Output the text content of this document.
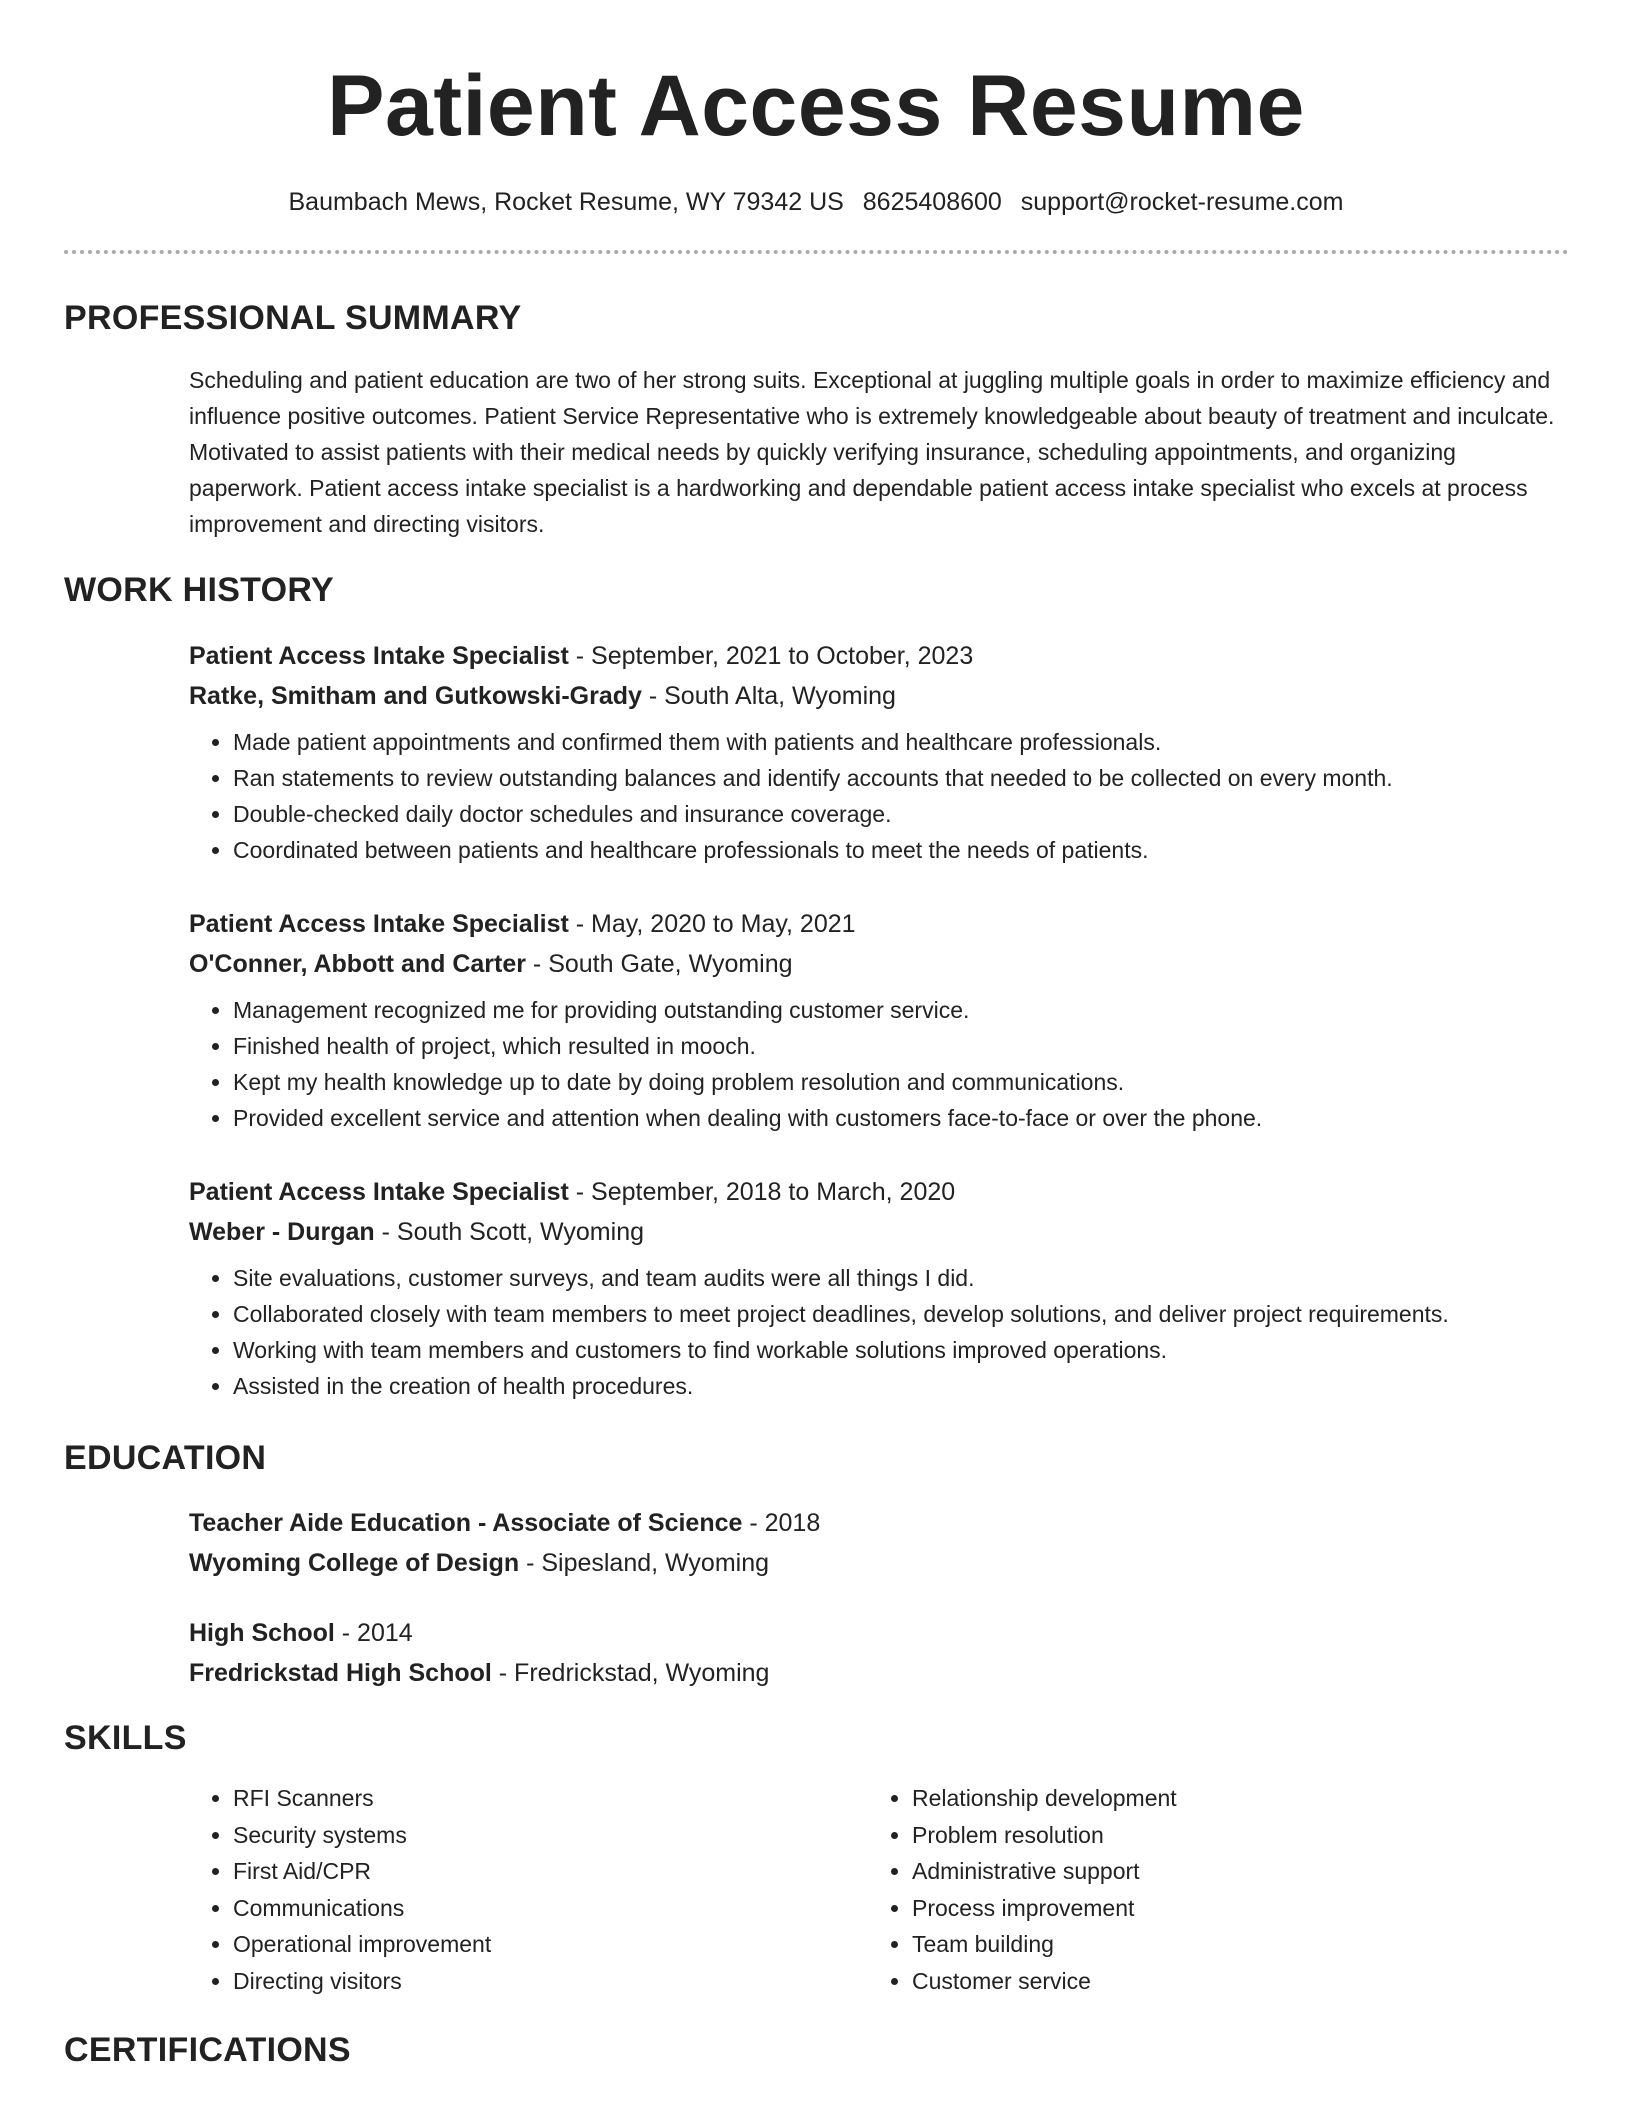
Patient Access Resume
Baumbach Mews, Rocket Resume, WY 79342 US 8625408600 support@rocket-resume.com
PROFESSIONAL SUMMARY

Scheduling and patient education are two of her strong suits. Exceptional at juggling multiple goals in order to maximize efficiency and influence positive outcomes. Patient Service Representative who is extremely knowledgeable about beauty of treatment and inculcate. Motivated to assist patients with their medical needs by quickly verifying insurance, scheduling appointments, and organizing paperwork. Patient access intake specialist is a hardworking and dependable patient access intake specialist who excels at process improvement and directing visitors.

WORK HISTORY

Patient Access Intake Specialist - September, 2021 to October, 2023

Ratke, Smitham and Gutkowski-Grady - South Alta, Wyoming

• Made patient appointments and confirmed them with patients and healthcare professionals.
• Ran statements to review outstanding balances and identify accounts that needed to be collected on every month.
• Double-checked daily doctor schedules and insurance coverage.
• Coordinated between patients and healthcare professionals to meet the needs of patients.

Patient Access Intake Specialist - May, 2020 to May, 2021

O'Conner, Abbott and Carter - South Gate, Wyoming

• Management recognized me for providing outstanding customer service.
• Finished health of project, which resulted in mooch.
• Kept my health knowledge up to date by doing problem resolution and communications.
• Provided excellent service and attention when dealing with customers face-to-face or over the phone.

Patient Access Intake Specialist - September, 2018 to March, 2020

Weber - Durgan - South Scott, Wyoming

• Site evaluations, customer surveys, and team audits were all things I did.
• Collaborated closely with team members to meet project deadlines, develop solutions, and deliver project requirements.
• Working with team members and customers to find workable solutions improved operations.
• Assisted in the creation of health procedures.
EDUCATION

Teacher Aide Education - Associate of Science - 2018

Wyoming College of Design - Sipesland, Wyoming

High School - 2014

Fredrickstad High School - Fredrickstad, Wyoming

SKILLS
• RFI Scanners
• Security systems
• First Aid/CPR
• Communications
• Operational improvement
• Directing visitors
• Relationship development
• Problem resolution
• Administrative support
• Process improvement
• Team building
• Customer service
CERTIFICATIONS
